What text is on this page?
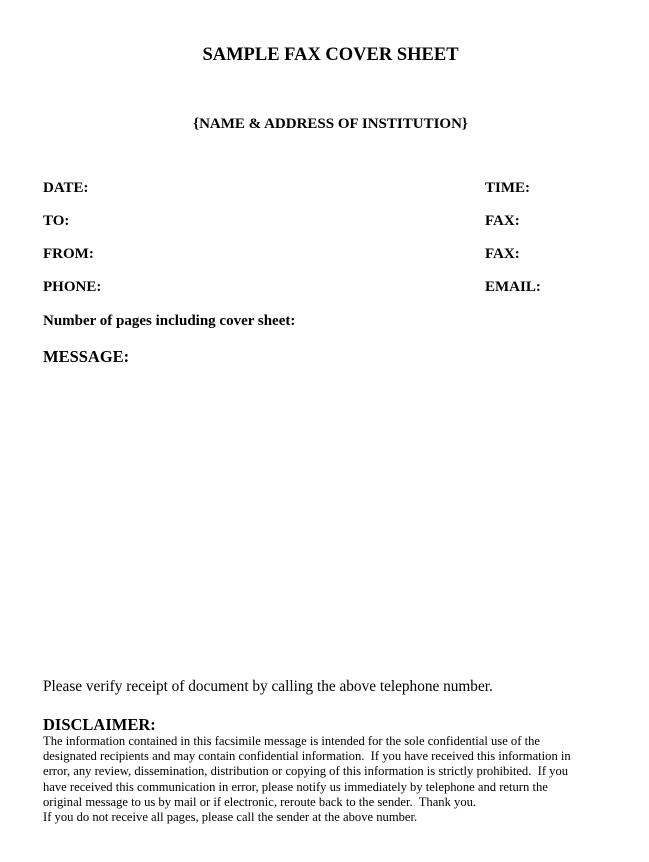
SAMPLE FAX COVER SHEET
{NAME & ADDRESS OF INSTITUTION}
DATE:	TIME:
TO:	FAX:
FROM:	FAX:
PHONE:	EMAIL:
Number of pages including cover sheet:
MESSAGE:
Please verify receipt of document by calling the above telephone number.
DISCLAIMER:
The information contained in this facsimile message is intended for the sole confidential use of the
designated recipients and may contain confidential information.  If you have received this information in
error, any review, dissemination, distribution or copying of this information is strictly prohibited.  If you
have received this communication in error, please notify us immediately by telephone and return the
original message to us by mail or if electronic, reroute back to the sender.  Thank you.
If you do not receive all pages, please call the sender at the above number.
